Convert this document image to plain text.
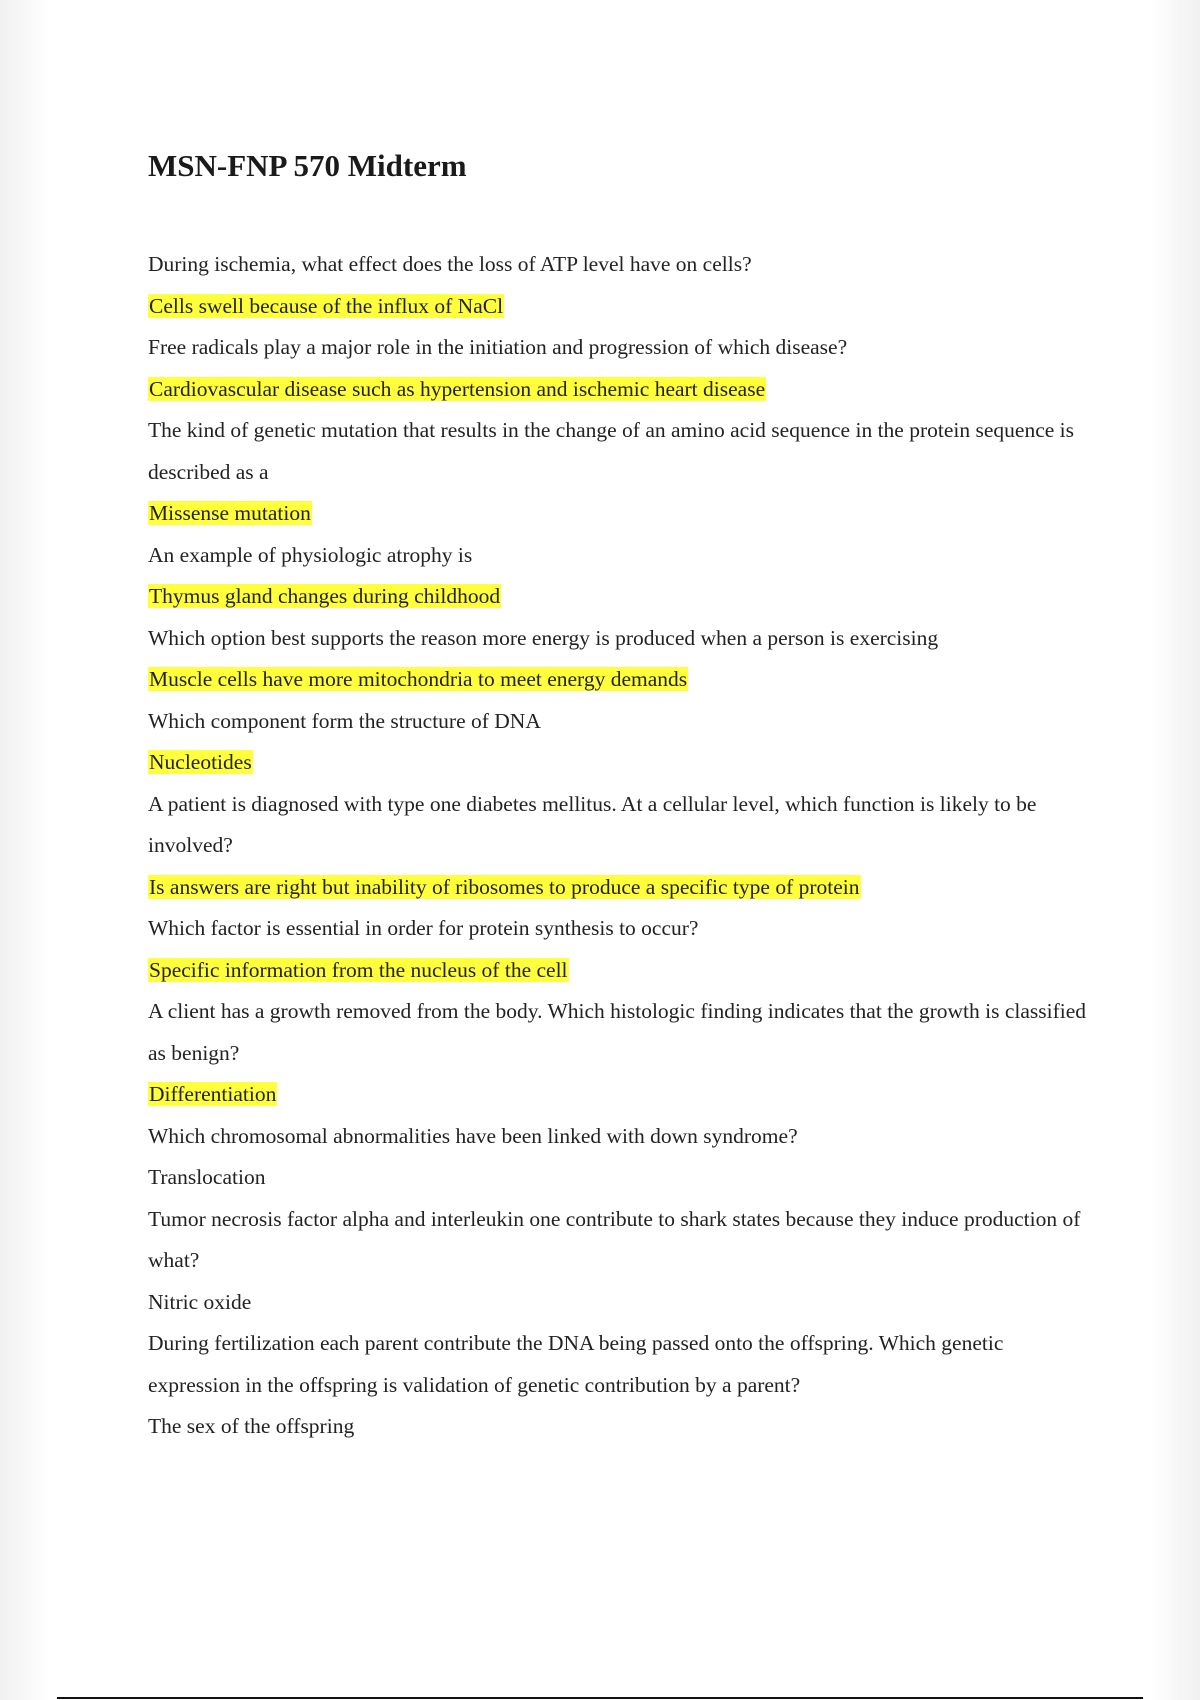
MSN-FNP 570 Midterm

During ischemia, what effect does the loss of ATP level have on cells?

Cells swell because of the influx of NaCl

Free radicals play a major role in the initiation and progression of which disease?

Cardiovascular disease such as hypertension and ischemic heart disease

The kind of genetic mutation that results in the change of an amino acid sequence in the protein sequence is described as a

Missense mutation

An example of physiologic atrophy is

Thymus gland changes during childhood

Which option best supports the reason more energy is produced when a person is exercising

Muscle cells have more mitochondria to meet energy demands

Which component form the structure of DNA

Nucleotides

A patient is diagnosed with type one diabetes mellitus. At a cellular level, which function is likely to be involved?

Is answers are right but inability of ribosomes to produce a specific type of protein

Which factor is essential in order for protein synthesis to occur?

Specific information from the nucleus of the cell

A client has a growth removed from the body. Which histologic finding indicates that the growth is classified as benign?

Differentiation

Which chromosomal abnormalities have been linked with down syndrome?

Translocation

Tumor necrosis factor alpha and interleukin one contribute to shark states because they induce production of what?

Nitric oxide

During fertilization each parent contribute the DNA being passed onto the offspring. Which genetic expression in the offspring is validation of genetic contribution by a parent?

The sex of the offspring
